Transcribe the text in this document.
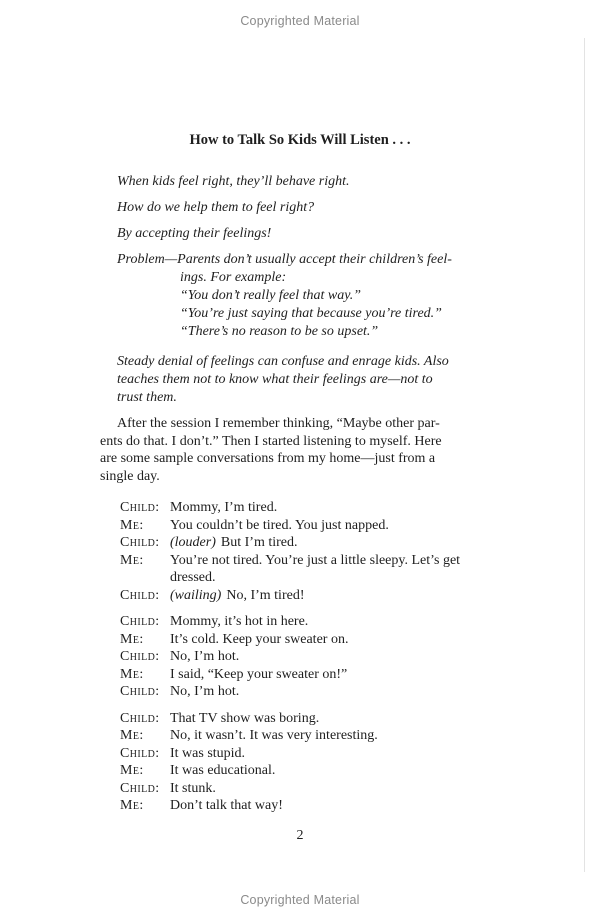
Copyrighted Material
How to Talk So Kids Will Listen . . .
When kids feel right, they’ll behave right.
How do we help them to feel right?
By accepting their feelings!
Problem—Parents don’t usually accept their children’s feel-
ings. For example:
“You don’t really feel that way.”
“You’re just saying that because you’re tired.”
“There’s no reason to be so upset.”
Steady denial of feelings can confuse and enrage kids. Also
teaches them not to know what their feelings are—not to
trust them.
After the session I remember thinking, “Maybe other par-
ents do that. I don’t.” Then I started listening to myself. Here
are some sample conversations from my home—just from a
single day.
Child: Mommy, I’m tired.
Me:	You couldn’t be tired. You just napped.
Child: (louder) But I’m tired.
Me:	You’re not tired. You’re just a little sleepy. Let’s get dressed.
Child: (wailing) No, I’m tired!
Child: Mommy, it’s hot in here.
Me:	It’s cold. Keep your sweater on.
Child: No, I’m hot.
Me:	I said, “Keep your sweater on!”
Child: No, I’m hot.
Child: That TV show was boring.
Me:	No, it wasn’t. It was very interesting.
Child: It was stupid.
Me:	It was educational.
Child: It stunk.
Me:	Don’t talk that way!
2
Copyrighted Material
